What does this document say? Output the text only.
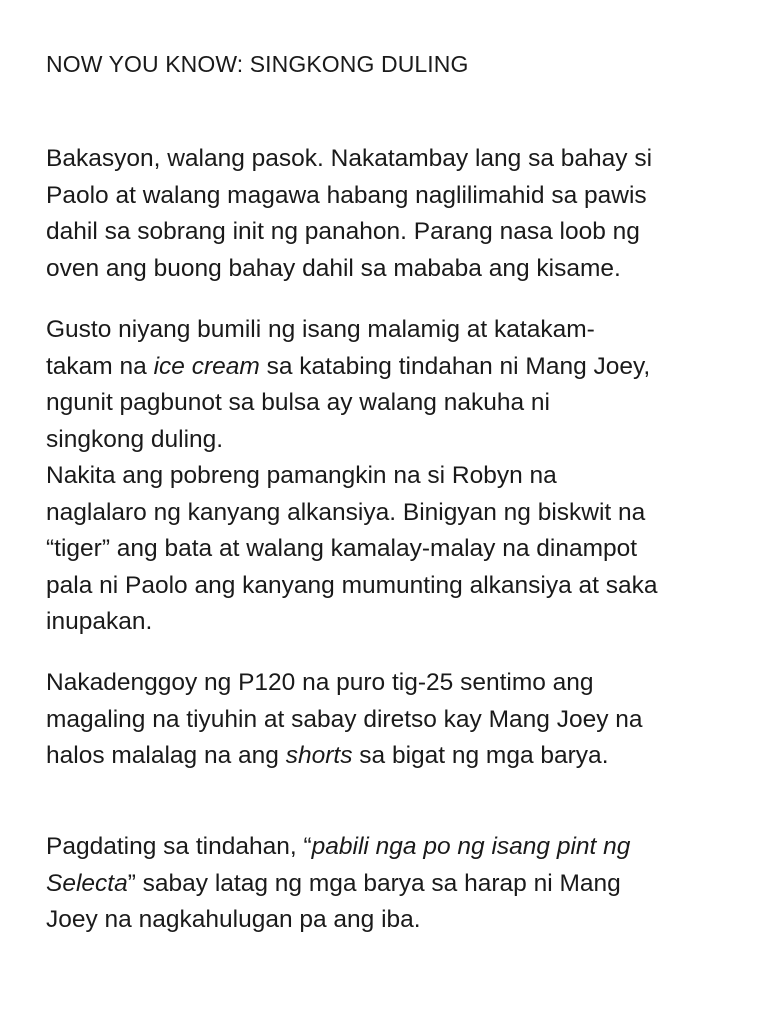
NOW YOU KNOW: SINGKONG DULING
Bakasyon, walang pasok. Nakatambay lang sa bahay si
Paolo at walang magawa habang naglilimahid sa pawis
dahil sa sobrang init ng panahon. Parang nasa loob ng
oven ang buong bahay dahil sa mababa ang kisame.
Gusto niyang bumili ng isang malamig at katakam-
takam na ice cream sa katabing tindahan ni Mang Joey,
ngunit pagbunot sa bulsa ay walang nakuha ni
singkong duling.
Nakita ang pobreng pamangkin na si Robyn na
naglalaro ng kanyang alkansiya. Binigyan ng biskwit na
“tiger” ang bata at walang kamalay-malay na dinampot
pala ni Paolo ang kanyang mumunting alkansiya at saka
inupakan.
Nakadenggoy ng P120 na puro tig-25 sentimo ang
magaling na tiyuhin at sabay diretso kay Mang Joey na
halos malalag na ang shorts sa bigat ng mga barya.
Pagdating sa tindahan, “pabili nga po ng isang pint ng
Selecta” sabay latag ng mga barya sa harap ni Mang
Joey na nagkahulugan pa ang iba.
